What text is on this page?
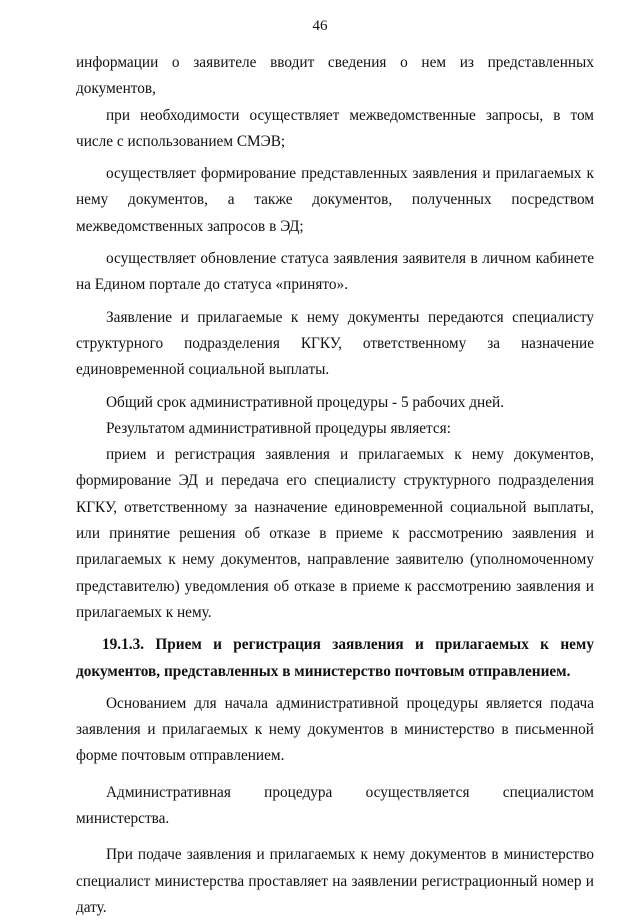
46

информации о заявителе вводит сведения о нем из представленных документов,

при необходимости осуществляет межведомственные запросы, в том числе с использованием СМЭВ;

осуществляет формирование представленных заявления и прилагаемых к нему документов, а также документов, полученных посредством межведомственных запросов в ЭД;

осуществляет обновление статуса заявления заявителя в личном кабинете на Едином портале до статуса «принято».

Заявление и прилагаемые к нему документы передаются специалисту структурного подразделения КГКУ, ответственному за назначение единовременной социальной выплаты.

Общий срок административной процедуры - 5 рабочих дней.

Результатом административной процедуры является:

прием и регистрация заявления и прилагаемых к нему документов, формирование ЭД и передача его специалисту структурного подразделения КГКУ, ответственному за назначение единовременной социальной выплаты, или принятие решения об отказе в приеме к рассмотрению заявления и прилагаемых к нему документов, направление заявителю (уполномоченному представителю) уведомления об отказе в приеме к рассмотрению заявления и прилагаемых к нему.

19.1.3. Прием и регистрация заявления и прилагаемых к нему документов, представленных в министерство почтовым отправлением.

Основанием для начала административной процедуры является подача заявления и прилагаемых к нему документов в министерство в письменной форме почтовым отправлением.

Административная процедура осуществляется специалистом министерства.

При подаче заявления и прилагаемых к нему документов в министерство специалист министерства проставляет на заявлении регистрационный номер и дату.
